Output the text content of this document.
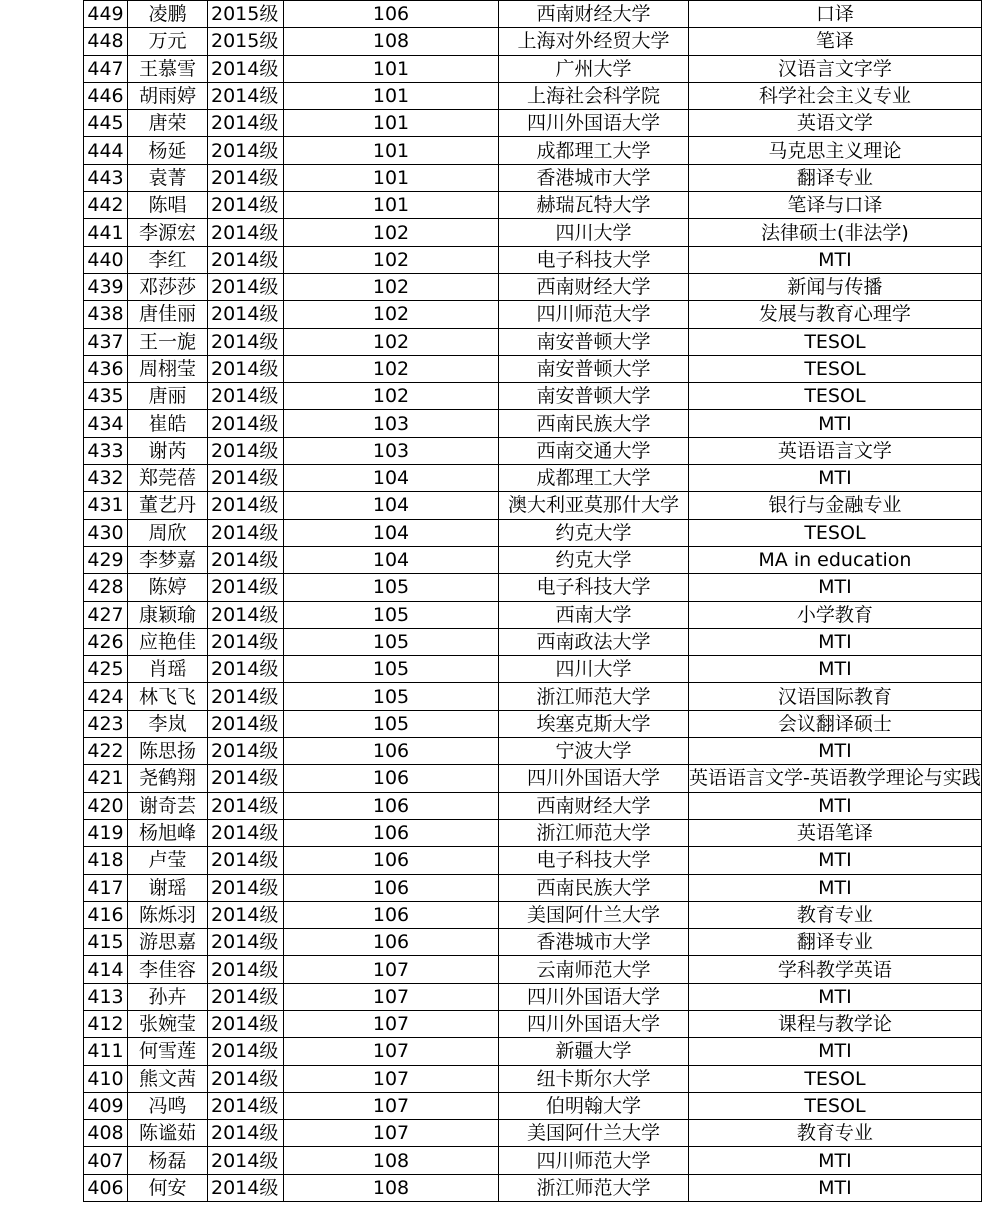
449	凌鹏	2015级	106	西南财经大学	口译
448	万元	2015级	108	上海对外经贸大学	笔译
447	王慕雪	2014级	101	广州大学	汉语言文字学
446	胡雨婷	2014级	101	上海社会科学院	科学社会主义专业
445	唐荣	2014级	101	四川外国语大学	英语文学
444	杨延	2014级	101	成都理工大学	马克思主义理论
443	袁菁	2014级	101	香港城市大学	翻译专业
442	陈唱	2014级	101	赫瑞瓦特大学	笔译与口译
441	李源宏	2014级	102	四川大学	法律硕士(非法学)
440	李红	2014级	102	电子科技大学	MTI
439	邓莎莎	2014级	102	西南财经大学	新闻与传播
438	唐佳丽	2014级	102	四川师范大学	发展与教育心理学
437	王一旎	2014级	102	南安普顿大学	TESOL
436	周栩莹	2014级	102	南安普顿大学	TESOL
435	唐丽	2014级	102	南安普顿大学	TESOL
434	崔皓	2014级	103	西南民族大学	MTI
433	谢芮	2014级	103	西南交通大学	英语语言文学
432	郑莞蓓	2014级	104	成都理工大学	MTI
431	董艺丹	2014级	104	澳大利亚莫那什大学	银行与金融专业
430	周欣	2014级	104	约克大学	TESOL
429	李梦嘉	2014级	104	约克大学	MA in education
428	陈婷	2014级	105	电子科技大学	MTI
427	康颖瑜	2014级	105	西南大学	小学教育
426	应艳佳	2014级	105	西南政法大学	MTI
425	肖瑶	2014级	105	四川大学	MTI
424	林飞飞	2014级	105	浙江师范大学	汉语国际教育
423	李岚	2014级	105	埃塞克斯大学	会议翻译硕士
422	陈思扬	2014级	106	宁波大学	MTI
421	尧鹤翔	2014级	106	四川外国语大学	英语语言文学-英语教学理论与实践
420	谢奇芸	2014级	106	西南财经大学	MTI
419	杨旭峰	2014级	106	浙江师范大学	英语笔译
418	卢莹	2014级	106	电子科技大学	MTI
417	谢瑶	2014级	106	西南民族大学	MTI
416	陈烁羽	2014级	106	美国阿什兰大学	教育专业
415	游思嘉	2014级	106	香港城市大学	翻译专业
414	李佳容	2014级	107	云南师范大学	学科教学英语
413	孙卉	2014级	107	四川外国语大学	MTI
412	张婉莹	2014级	107	四川外国语大学	课程与教学论
411	何雪莲	2014级	107	新疆大学	MTI
410	熊文茜	2014级	107	纽卡斯尔大学	TESOL
409	冯鸣	2014级	107	伯明翰大学	TESOL
408	陈谧茹	2014级	107	美国阿什兰大学	教育专业
407	杨磊	2014级	108	四川师范大学	MTI
406	何安	2014级	108	浙江师范大学	MTI
